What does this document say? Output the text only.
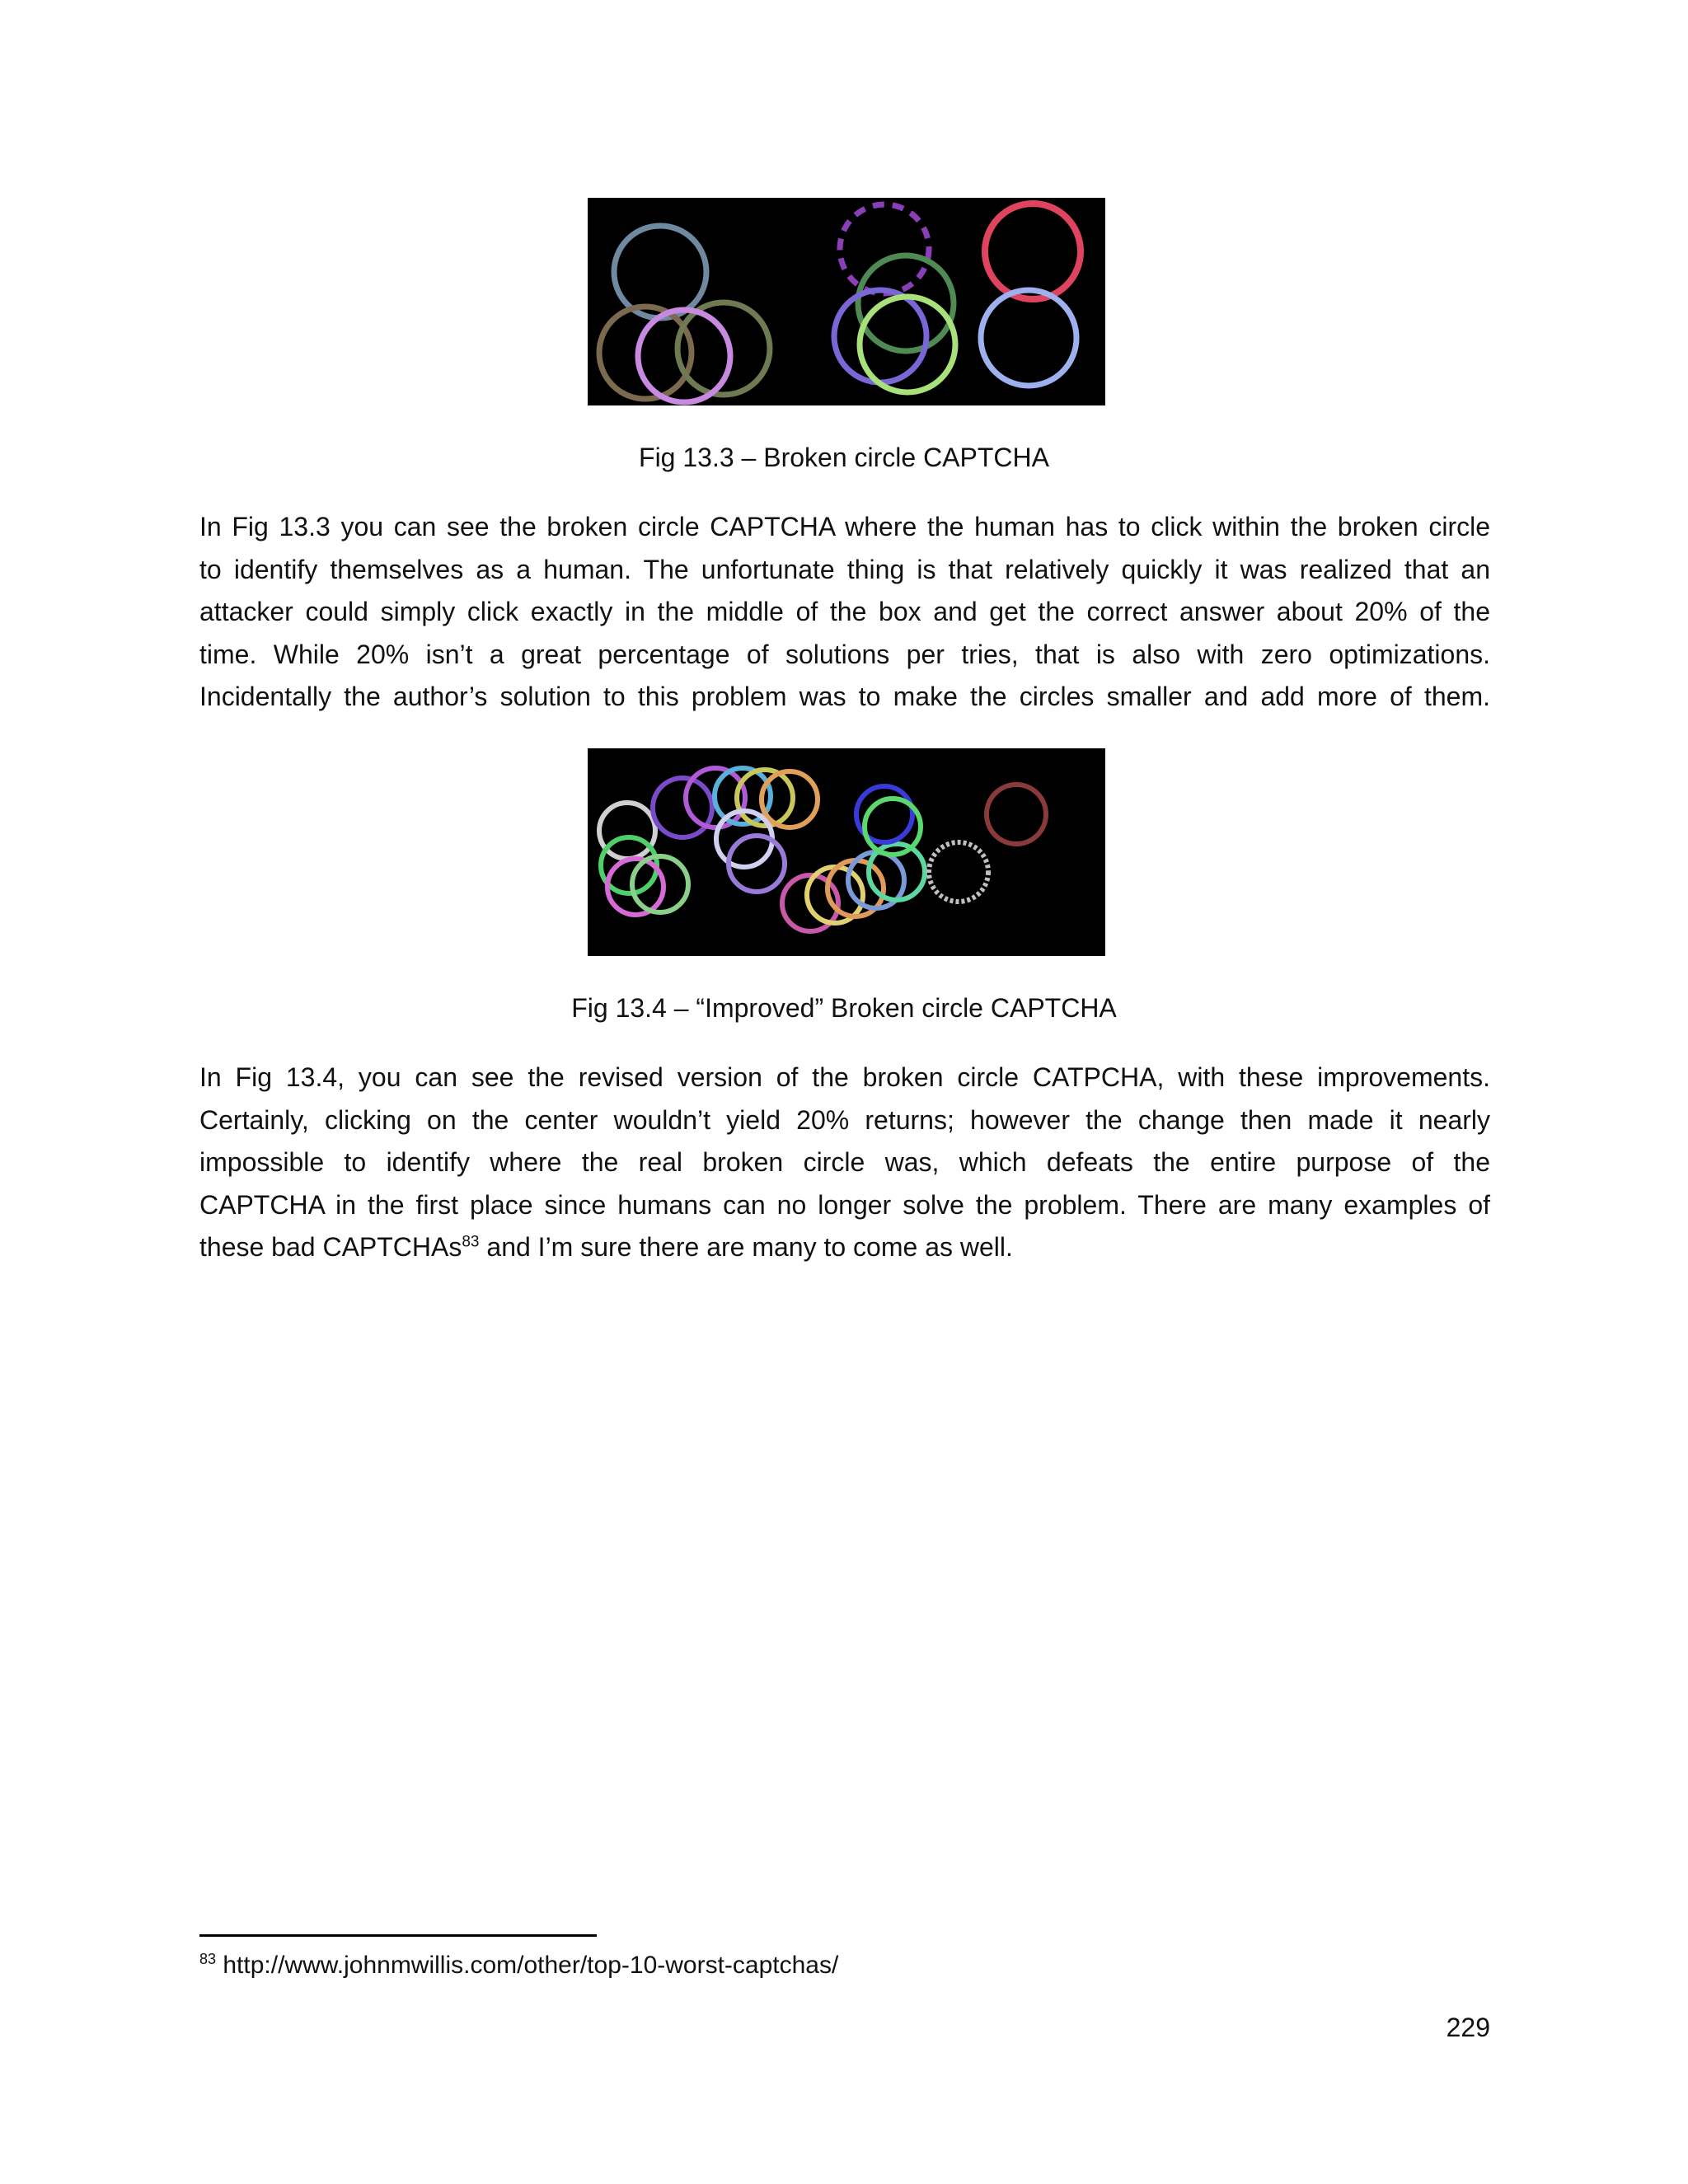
Fig 13.3 – Broken circle CAPTCHA
In Fig 13.3 you can see the broken circle CAPTCHA where the human has to click within the broken circle
to identify themselves as a human. The unfortunate thing is that relatively quickly it was realized that an
attacker could simply click exactly in the middle of the box and get the correct answer about 20% of the
time. While 20% isn’t a great percentage of solutions per tries, that is also with zero optimizations.
Incidentally the author’s solution to this problem was to make the circles smaller and add more of them.
Fig 13.4 – “Improved” Broken circle CAPTCHA
In Fig 13.4, you can see the revised version of the broken circle CATPCHA, with these improvements.
Certainly, clicking on the center wouldn’t yield 20% returns; however the change then made it nearly
impossible to identify where the real broken circle was, which defeats the entire purpose of the
CAPTCHA in the first place since humans can no longer solve the problem. There are many examples of
these bad CAPTCHAs$^{83}$ and I’m sure there are many to come as well.
$^{83}$ http://www.johnmwillis.com/other/top-10-worst-captchas/
229
